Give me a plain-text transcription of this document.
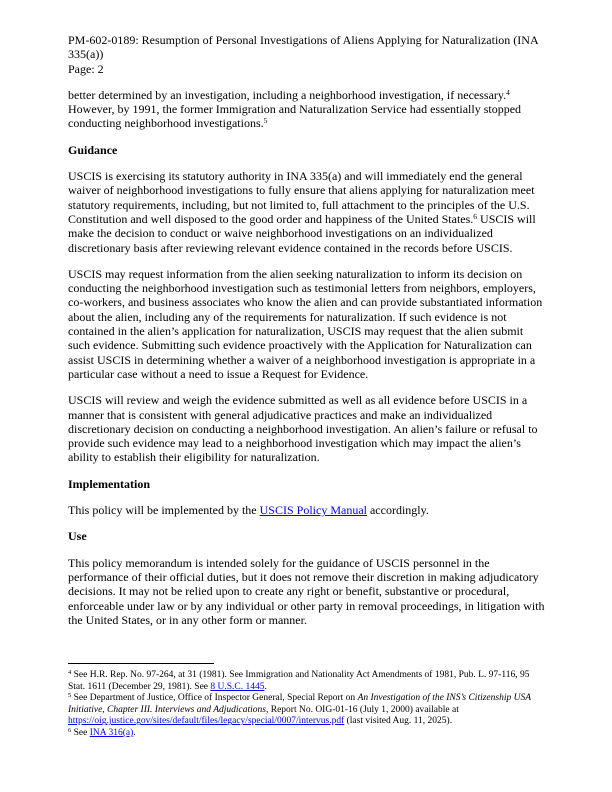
PM-602-0189: Resumption of Personal Investigations of Aliens Applying for Naturalization (INA 335(a))
Page: 2

better determined by an investigation, including a neighborhood investigation, if necessary.$^4$ However, by 1991, the former Immigration and Naturalization Service had essentially stopped conducting neighborhood investigations.$^5$

Guidance

USCIS is exercising its statutory authority in INA 335(a) and will immediately end the general waiver of neighborhood investigations to fully ensure that aliens applying for naturalization meet statutory requirements, including, but not limited to, full attachment to the principles of the U.S. Constitution and well disposed to the good order and happiness of the United States.$^6$ USCIS will make the decision to conduct or waive neighborhood investigations on an individualized discretionary basis after reviewing relevant evidence contained in the records before USCIS.

USCIS may request information from the alien seeking naturalization to inform its decision on conducting the neighborhood investigation such as testimonial letters from neighbors, employers, co-workers, and business associates who know the alien and can provide substantiated information about the alien, including any of the requirements for naturalization. If such evidence is not contained in the alien’s application for naturalization, USCIS may request that the alien submit such evidence. Submitting such evidence proactively with the Application for Naturalization can assist USCIS in determining whether a waiver of a neighborhood investigation is appropriate in a particular case without a need to issue a Request for Evidence.

USCIS will review and weigh the evidence submitted as well as all evidence before USCIS in a manner that is consistent with general adjudicative practices and make an individualized discretionary decision on conducting a neighborhood investigation. An alien’s failure or refusal to provide such evidence may lead to a neighborhood investigation which may impact the alien’s ability to establish their eligibility for naturalization.

Implementation

This policy will be implemented by the USCIS Policy Manual accordingly.

Use

This policy memorandum is intended solely for the guidance of USCIS personnel in the performance of their official duties, but it does not remove their discretion in making adjudicatory decisions. It may not be relied upon to create any right or benefit, substantive or procedural, enforceable under law or by any individual or other party in removal proceedings, in litigation with the United States, or in any other form or manner.

$^4$ See H.R. Rep. No. 97-264, at 31 (1981). See Immigration and Nationality Act Amendments of 1981, Pub. L. 97-116, 95 Stat. 1611 (December 29, 1981). See 8 U.S.C. 1445.

$^5$ See Department of Justice, Office of Inspector General, Special Report on An Investigation of the INS’s Citizenship USA Initiative, Chapter III. Interviews and Adjudications, Report No. OIG-01-16 (July 1, 2000) available at https://oig.justice.gov/sites/default/files/legacy/special/0007/intervus.pdf (last visited Aug. 11, 2025).

$^6$ See INA 316(a).
